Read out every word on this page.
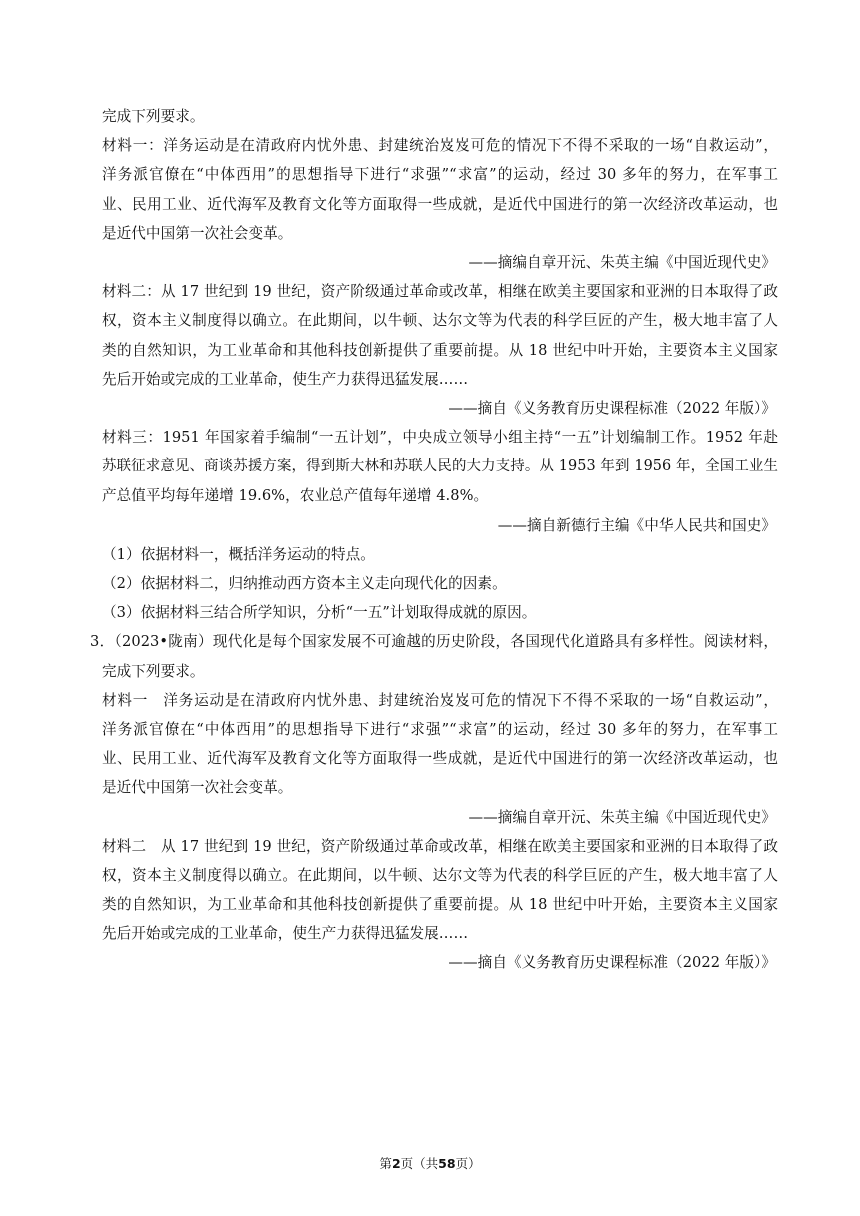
完成下列要求。
材料一：洋务运动是在清政府内忧外患、封建统治岌岌可危的情况下不得不采取的一场“自救运动”，
洋务派官僚在“中体西用”的思想指导下进行“求强”“求富”的运动，经过 30 多年的努力，在军事工
业、民用工业、近代海军及教育文化等方面取得一些成就，是近代中国进行的第一次经济改革运动，也
是近代中国第一次社会变革。
——摘编自章开沅、朱英主编《中国近现代史》
材料二：从 17 世纪到 19 世纪，资产阶级通过革命或改革，相继在欧美主要国家和亚洲的日本取得了政
权，资本主义制度得以确立。在此期间，以牛顿、达尔文等为代表的科学巨匠的产生，极大地丰富了人
类的自然知识，为工业革命和其他科技创新提供了重要前提。从 18 世纪中叶开始，主要资本主义国家
先后开始或完成的工业革命，使生产力获得迅猛发展……
——摘自《义务教育历史课程标准（2022 年版）》
材料三：1951 年国家着手编制“一五计划”，中央成立领导小组主持“一五”计划编制工作。1952 年赴
苏联征求意见、商谈苏援方案，得到斯大林和苏联人民的大力支持。从 1953 年到 1956 年，全国工业生
产总值平均每年递增 19.6%，农业总产值每年递增 4.8%。
——摘自新德行主编《中华人民共和国史》
（1）依据材料一，概括洋务运动的特点。
（2）依据材料二，归纳推动西方资本主义走向现代化的因素。
（3）依据材料三结合所学知识，分析“一五”计划取得成就的原因。
3．（2023•陇南）现代化是每个国家发展不可逾越的历史阶段，各国现代化道路具有多样性。阅读材料，
完成下列要求。
材料一　洋务运动是在清政府内忧外患、封建统治岌岌可危的情况下不得不采取的一场“自救运动”，
洋务派官僚在“中体西用”的思想指导下进行“求强”“求富”的运动，经过 30 多年的努力，在军事工
业、民用工业、近代海军及教育文化等方面取得一些成就，是近代中国进行的第一次经济改革运动，也
是近代中国第一次社会变革。
——摘编自章开沅、朱英主编《中国近现代史》
材料二　从 17 世纪到 19 世纪，资产阶级通过革命或改革，相继在欧美主要国家和亚洲的日本取得了政
权，资本主义制度得以确立。在此期间，以牛顿、达尔文等为代表的科学巨匠的产生，极大地丰富了人
类的自然知识，为工业革命和其他科技创新提供了重要前提。从 18 世纪中叶开始，主要资本主义国家
先后开始或完成的工业革命，使生产力获得迅猛发展……
——摘自《义务教育历史课程标准（2022 年版）》
第2页（共58页）
